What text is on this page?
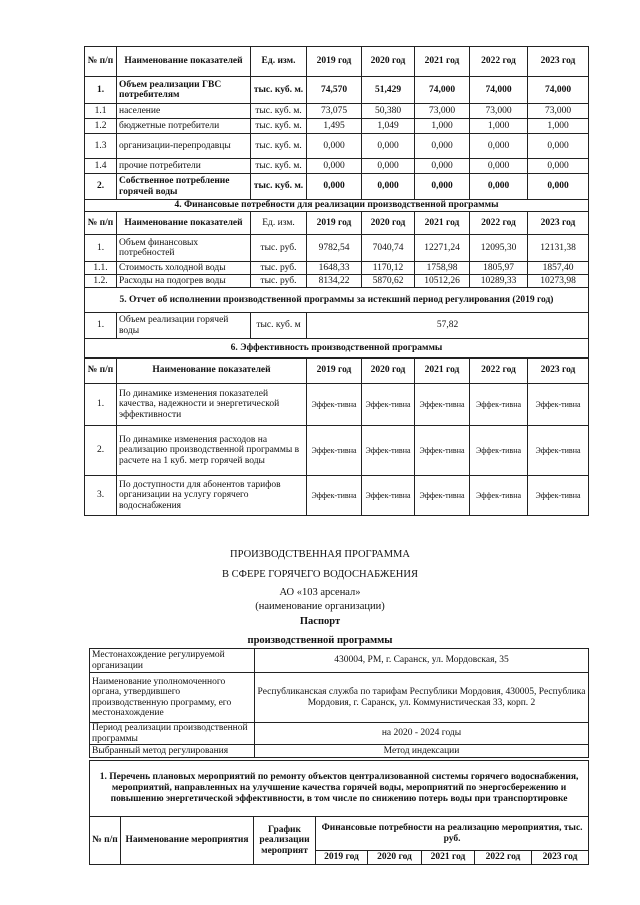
№ п/п	Наименование показателей	Ед. изм.	2019 год	2020 год	2021 год	2022 год	2023 год
1.	Объем реализации ГВС потребителям	тыс. куб. м.	74,570	51,429	74,000	74,000	74,000
1.1	население	тыс. куб. м.	73,075	50,380	73,000	73,000	73,000
1.2	бюджетные потребители	тыс. куб. м.	1,495	1,049	1,000	1,000	1,000
1.3	организации-перепродавцы	тыс. куб. м.	0,000	0,000	0,000	0,000	0,000
1.4	прочие потребители	тыс. куб. м.	0,000	0,000	0,000	0,000	0,000
2.	Собственное потребление горячей воды	тыс. куб. м.	0,000	0,000	0,000	0,000	0,000
4. Финансовые потребности для реализации производственной программы							
№ п/п	Наименование показателей	Ед. изм.	2019 год	2020 год	2021 год	2022 год	2023 год
1.	Объем финансовых потребностей	тыс. руб.	9782,54	7040,74	12271,24	12095,30	12131,38
1.1.	Стоимость холодной воды	тыс. руб.	1648,33	1170,12	1758,98	1805,97	1857,40
1.2.	Расходы на подогрев воды	тыс. руб.	8134,22	5870,62	10512,26	10289,33	10273,98
5. Отчет об исполнении производственной программы за истекший период регулирования (2019 год)							
1.	Объем реализации горячей воды	тыс. куб. м	57,82				
6. Эффективность производственной программы							
№ п/п	Наименование показателей	2019 год	2020 год	2021 год	2022 год	2023 год
1.	По динамике изменения показателей качества, надежности и энергетической эффективности	Эффек-тивна	Эффек-тивна	Эффек-тивна	Эффек-тивна	Эффек-тивна
2.	По динамике изменения расходов на реализацию производственной программы в расчете на 1 куб. метр горячей воды	Эффек-тивна	Эффек-тивна	Эффек-тивна	Эффек-тивна	Эффек-тивна
3.	По доступности для абонентов тарифов организации на услугу горячего водоснабжения	Эффек-тивна	Эффек-тивна	Эффек-тивна	Эффек-тивна	Эффек-тивна
ПРОИЗВОДСТВЕННАЯ ПРОГРАММА
В СФЕРЕ ГОРЯЧЕГО ВОДОСНАБЖЕНИЯ
АО «103 арсенал»
(наименование организации)
Паспорт
производственной программы
Местонахождение регулируемой организации	430004, РМ, г. Саранск, ул. Мордовская, 35
Наименование уполномоченного органа, утвердившего производственную программу, его местонахождение	Республиканская служба по тарифам Республики Мордовия, 430005, Республика Мордовия, г. Саранск, ул. Коммунистическая 33, корп. 2
Период реализации производственной программы	на 2020 - 2024 годы
Выбранный метод регулирования	Метод индексации
1. Перечень плановых мероприятий по ремонту объектов централизованной системы горячего водоснабжения, мероприятий, направленных на улучшение качества горячей воды, мероприятий по энергосбережению и повышению энергетической эффективности, в том числе по снижению потерь воды при транспортировке							
№ п/п	Наименование мероприятия	График реализации мероприят	Финансовые потребности на реализацию мероприятия, тыс. руб.				
			2019 год	2020 год	2021 год	2022 год	2023 год
